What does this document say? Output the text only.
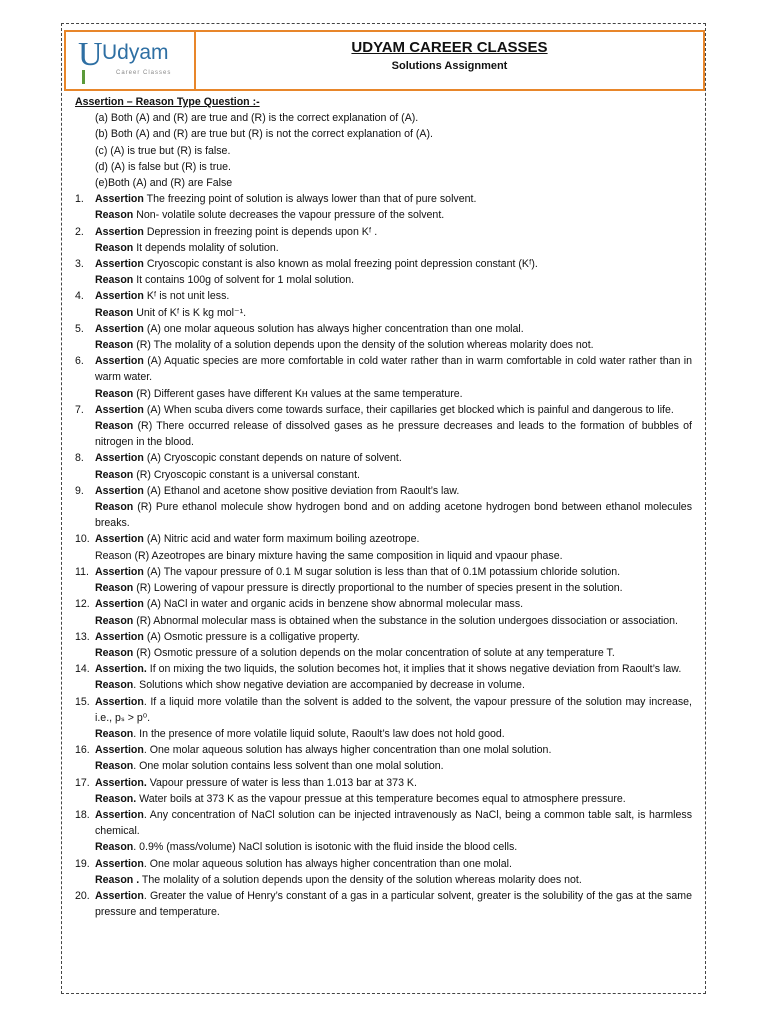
U Udyam
Career Classes
UDYAM CAREER CLASSES
Solutions Assignment
Assertion – Reason Type Question :-
(a) Both (A) and (R) are true and (R) is the correct explanation of (A).
(b) Both (A) and (R) are true but (R) is not the correct explanation of (A).
(c) (A) is true but (R) is false.
(d) (A) is false but (R) is true.
(e)Both (A) and (R) are False
1.	Assertion The freezing point of solution is always lower than that of pure solvent.
Reason Non- volatile solute decreases the vapour pressure of the solvent.
2.	Assertion Depression in freezing point is depends upon Kᶠ .
Reason It depends molality of solution.
3.	Assertion Cryoscopic constant is also known as molal freezing point depression constant (Kᶠ).
Reason It contains 100g of solvent for 1 molal solution.
4.	Assertion Kᶠ is not unit less.
Reason Unit of Kᶠ is K kg mol⁻¹.
5.	Assertion (A) one molar aqueous solution has always higher concentration than one molal.
Reason (R) The molality of a solution depends upon the density of the solution whereas molarity does not.
6.	Assertion (A) Aquatic species are more comfortable in cold water rather than in warm comfortable in cold water rather than in warm water.
Reason (R) Different gases have different Kʜ values at the same temperature.
7.	Assertion (A) When scuba divers come towards surface, their capillaries get blocked which is painful and dangerous to life.
Reason (R) There occurred release of dissolved gases as he pressure decreases and leads to the formation of bubbles of nitrogen in the blood.
8.	Assertion (A) Cryoscopic constant depends on nature of solvent.
Reason (R) Cryoscopic constant is a universal constant.
9.	Assertion (A) Ethanol and acetone show positive deviation from Raoult’s law.
Reason (R) Pure ethanol molecule show hydrogen bond and on adding acetone hydrogen bond between ethanol molecules breaks.
10. Assertion (A) Nitric acid and water form maximum boiling azeotrope.
Reason (R) Azeotropes are binary mixture having the same composition in liquid and vpaour phase.
11. Assertion (A) The vapour pressure of 0.1 M sugar solution is less than that of 0.1M potassium chloride solution.
Reason (R) Lowering of vapour pressure is directly proportional to the number of species present in the solution.
12. Assertion (A) NaCl in water and organic acids in benzene show abnormal molecular mass.
Reason (R) Abnormal molecular mass is obtained when the substance in the solution undergoes dissociation or association.
13. Assertion (A) Osmotic pressure is a colligative property.
Reason (R) Osmotic pressure of a solution depends on the molar concentration of solute at any temperature T.
14. Assertion. If on mixing the two liquids, the solution becomes hot, it implies that it shows negative deviation from Raoult’s law.
Reason. Solutions which show negative deviation are accompanied by decrease in volume.
15. Assertion. If a liquid more volatile than the solvent is added to the solvent, the vapour pressure of the solution may increase, i.e., pₛ > p⁰.
Reason. In the presence of more volatile liquid solute, Raoult’s law does not hold good.
16. Assertion. One molar aqueous solution has always higher concentration than one molal solution.
Reason. One molar solution contains less solvent than one molal solution.
17. Assertion. Vapour pressure of water is less than 1.013 bar at 373 K.
Reason. Water boils at 373 K as the vapour pressue at this temperature becomes equal to atmosphere pressure.
18. Assertion. Any concentration of NaCl solution can be injected intravenously as NaCl, being a common table salt, is harmless chemical.
Reason. 0.9% (mass/volume) NaCl solution is isotonic with the fluid inside the blood cells.
19. Assertion. One molar aqueous solution has always higher concentration than one molal.
Reason . The molality of a solution depends upon the density of the solution whereas molarity does not.
20. Assertion. Greater the value of Henry’s constant of a gas in a particular solvent, greater is the solubility of the gas at the same pressure and temperature.
